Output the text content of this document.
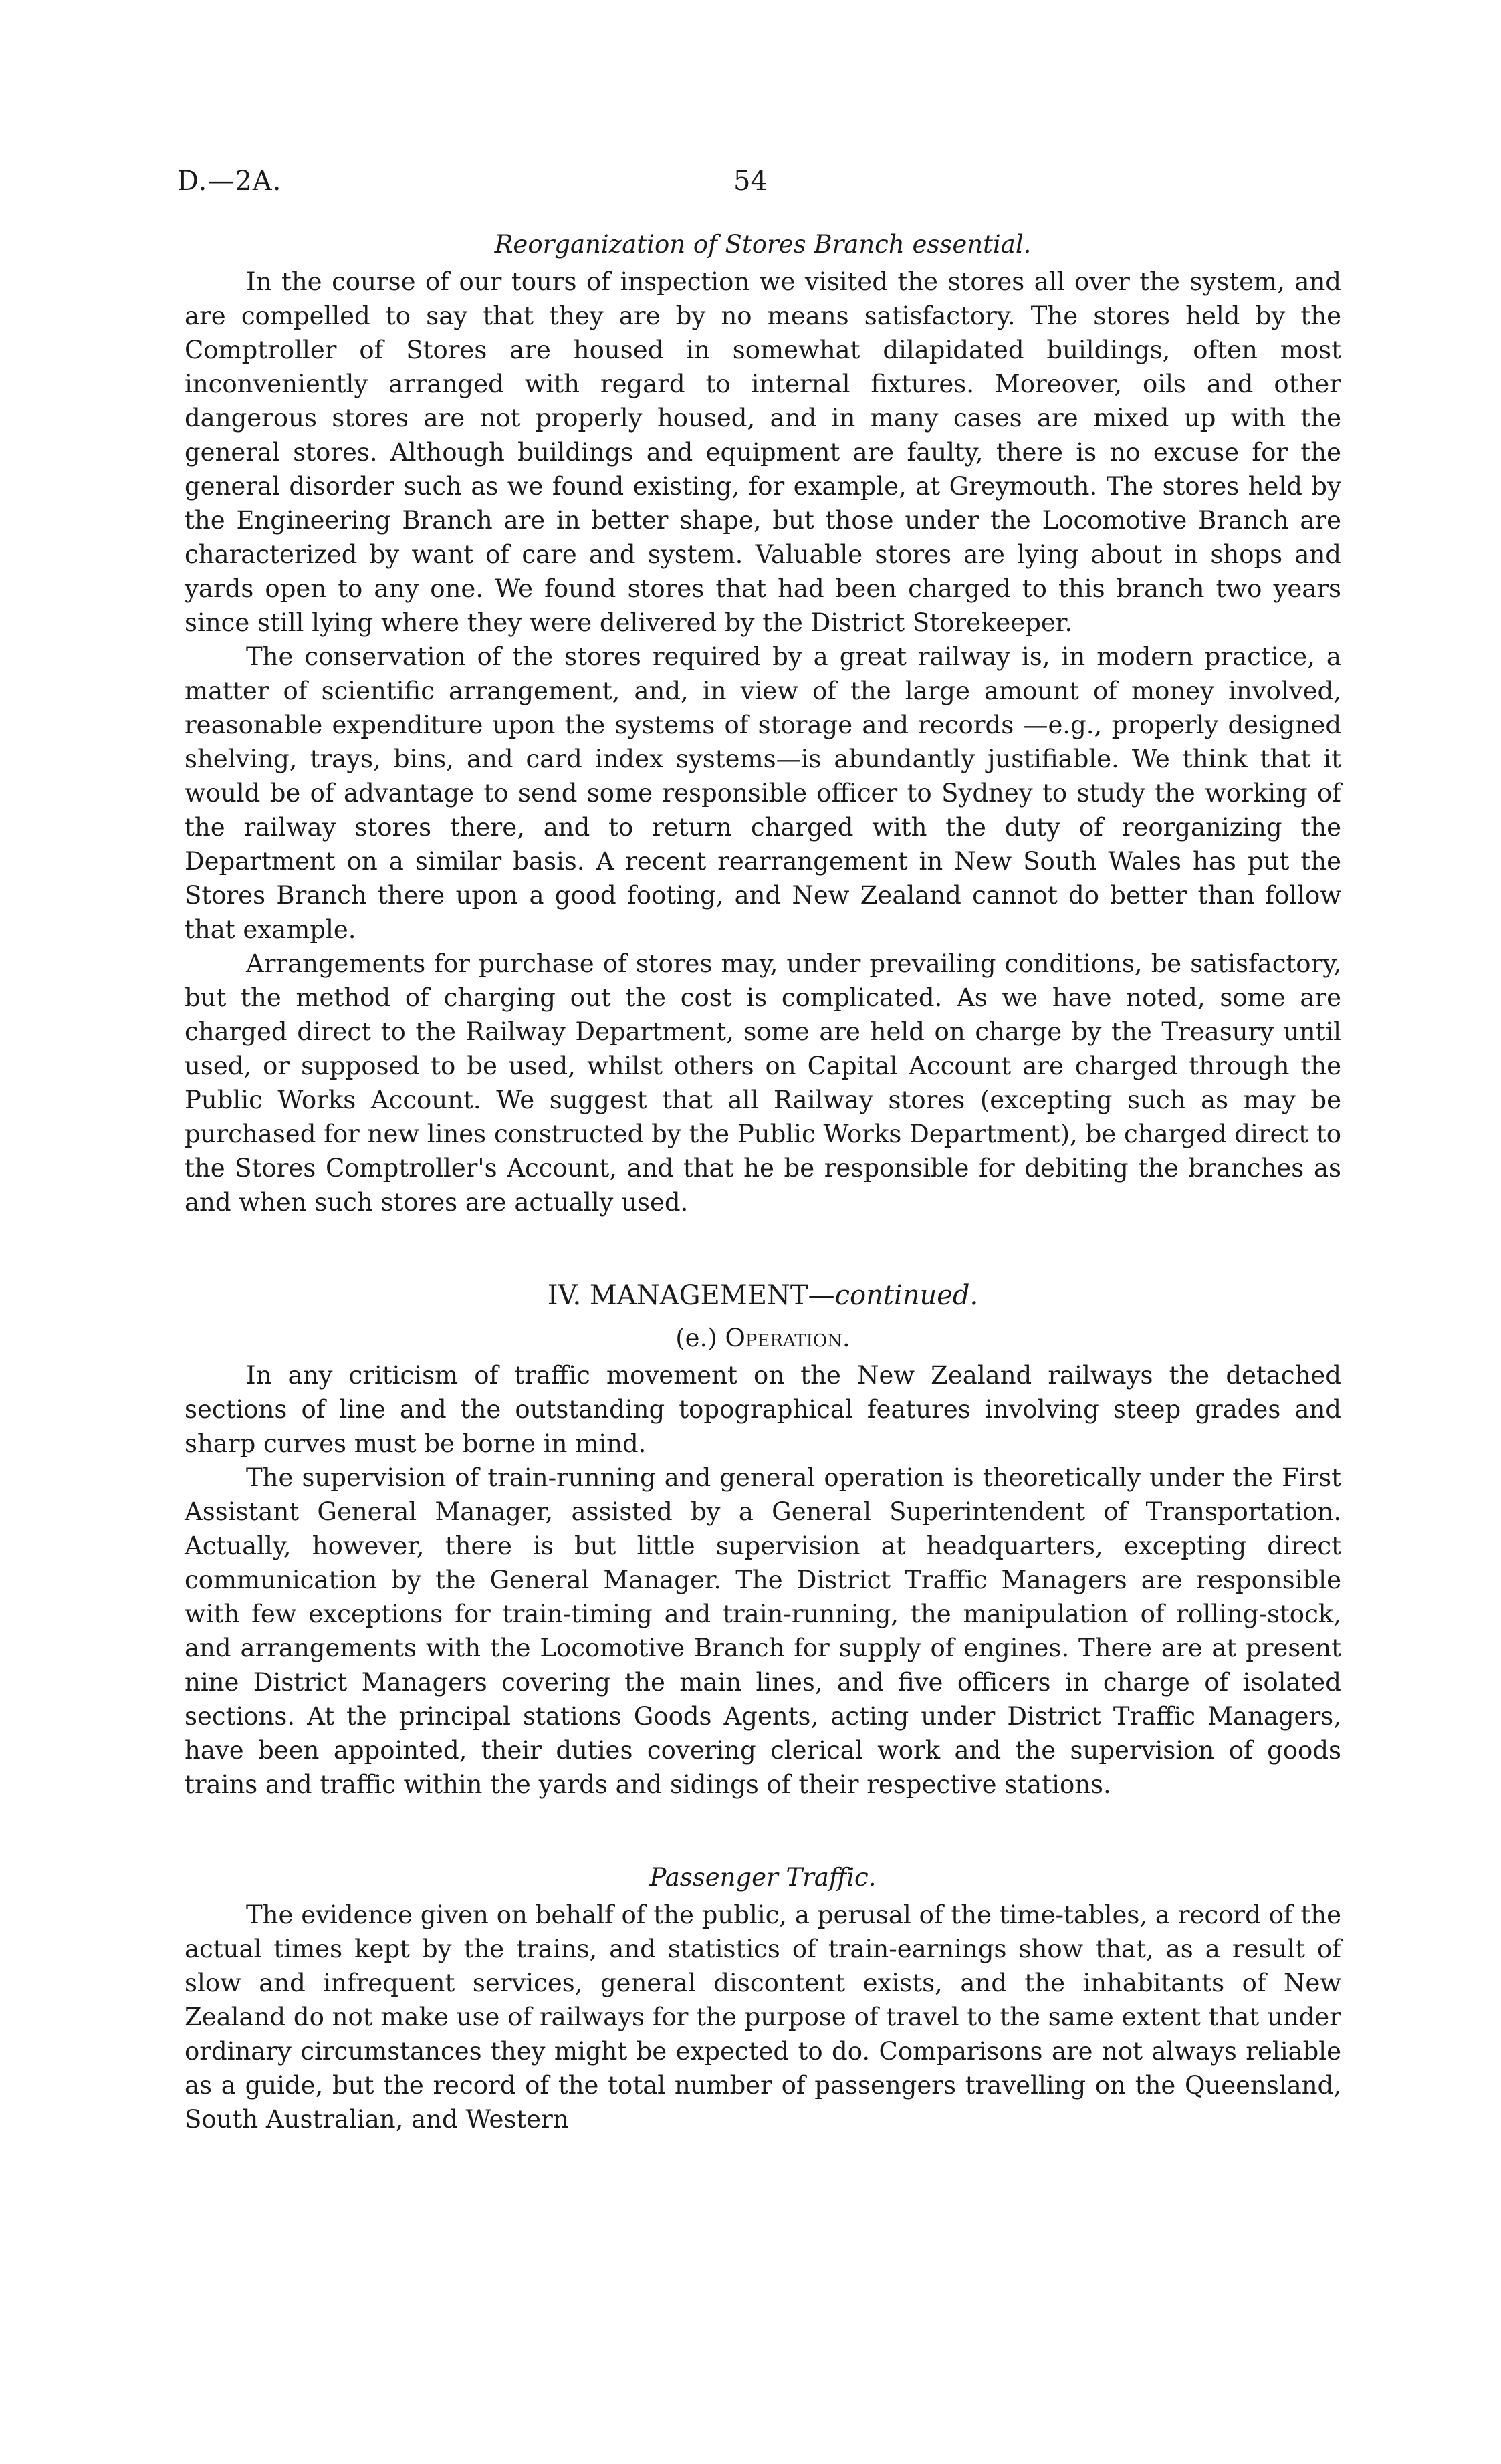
D.—2A.	54
Reorganization of Stores Branch essential.

In the course of our tours of inspection we visited the stores all over the system, and are compelled to say that they are by no means satisfactory. The stores held by the Comptroller of Stores are housed in somewhat dilapidated buildings, often most inconveniently arranged with regard to internal fixtures. Moreover, oils and other dangerous stores are not properly housed, and in many cases are mixed up with the general stores. Although buildings and equipment are faulty, there is no excuse for the general disorder such as we found existing, for example, at Greymouth. The stores held by the Engineering Branch are in better shape, but those under the Locomotive Branch are characterized by want of care and system. Valuable stores are lying about in shops and yards open to any one. We found stores that had been charged to this branch two years since still lying where they were delivered by the District Storekeeper.

The conservation of the stores required by a great railway is, in modern practice, a matter of scientific arrangement, and, in view of the large amount of money involved, reasonable expenditure upon the systems of storage and records —e.g., properly designed shelving, trays, bins, and card index systems—is abundantly justifiable. We think that it would be of advantage to send some responsible officer to Sydney to study the working of the railway stores there, and to return charged with the duty of reorganizing the Department on a similar basis. A recent rearrangement in New South Wales has put the Stores Branch there upon a good footing, and New Zealand cannot do better than follow that example.

Arrangements for purchase of stores may, under prevailing conditions, be satisfactory, but the method of charging out the cost is complicated. As we have noted, some are charged direct to the Railway Department, some are held on charge by the Treasury until used, or supposed to be used, whilst others on Capital Account are charged through the Public Works Account. We suggest that all Railway stores (excepting such as may be purchased for new lines constructed by the Public Works Department), be charged direct to the Stores Comptroller's Account, and that he be responsible for debiting the branches as and when such stores are actually used.

IV. MANAGEMENT—continued.
(e.) Operation.

In any criticism of traffic movement on the New Zealand railways the detached sections of line and the outstanding topographical features involving steep grades and sharp curves must be borne in mind.

The supervision of train-running and general operation is theoretically under the First Assistant General Manager, assisted by a General Superintendent of Transportation. Actually, however, there is but little supervision at headquarters, excepting direct communication by the General Manager. The District Traffic Managers are responsible with few exceptions for train-timing and train-running, the manipulation of rolling-stock, and arrangements with the Locomotive Branch for supply of engines. There are at present nine District Managers covering the main lines, and five officers in charge of isolated sections. At the principal stations Goods Agents, acting under District Traffic Managers, have been appointed, their duties covering clerical work and the supervision of goods trains and traffic within the yards and sidings of their respective stations.

Passenger Traffic.

The evidence given on behalf of the public, a perusal of the time-tables, a record of the actual times kept by the trains, and statistics of train-earnings show that, as a result of slow and infrequent services, general discontent exists, and the inhabitants of New Zealand do not make use of railways for the purpose of travel to the same extent that under ordinary circumstances they might be expected to do. Comparisons are not always reliable as a guide, but the record of the total number of passengers travelling on the Queensland, South Australian, and Western
